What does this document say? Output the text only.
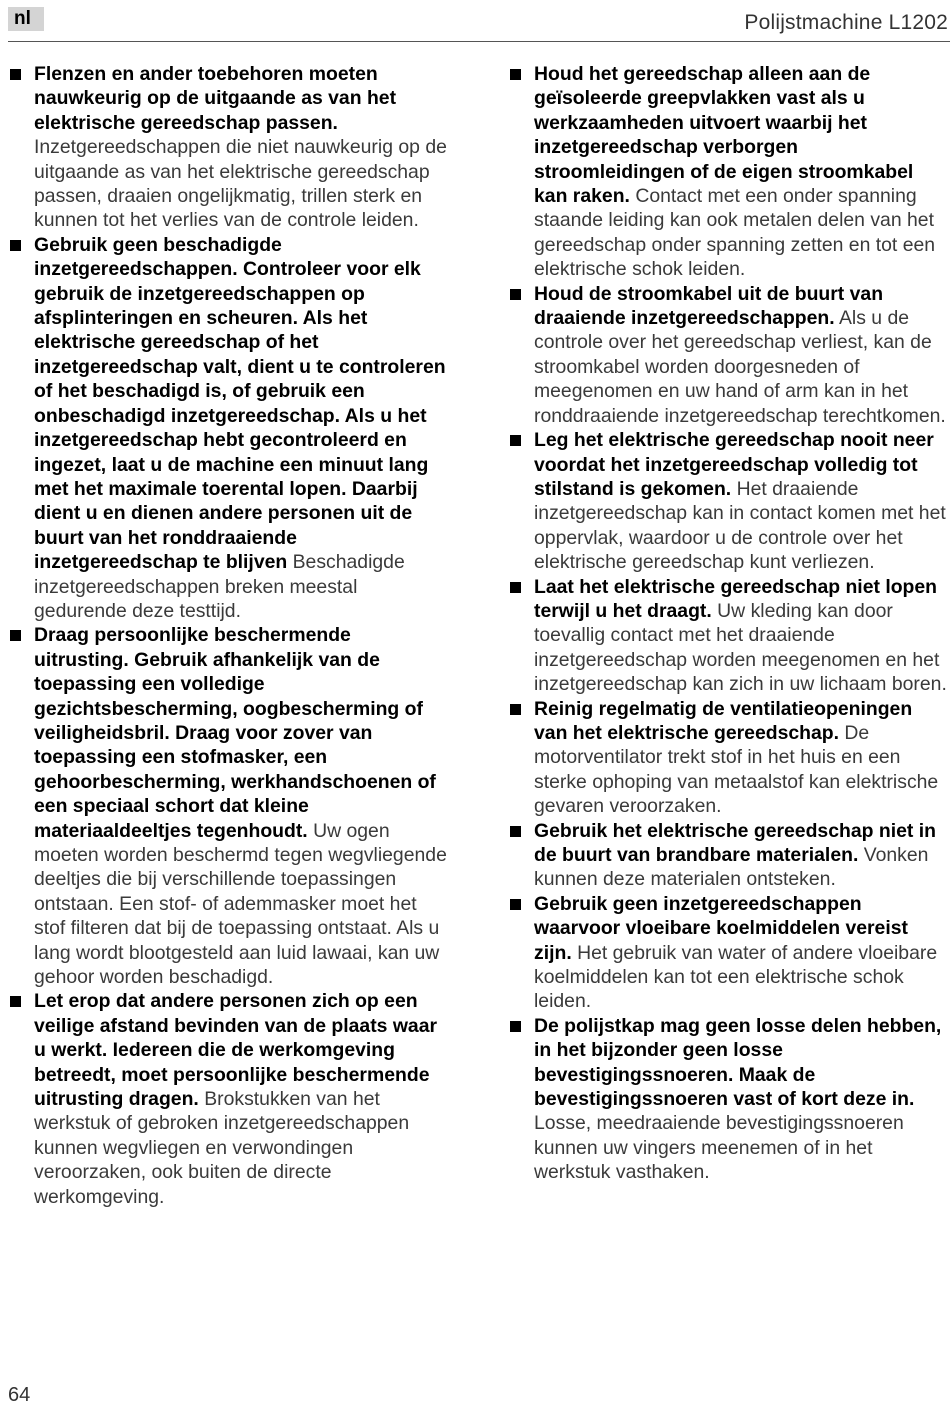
nl	Polijstmachine L1202
Flenzen en ander toebehoren moeten nauwkeurig op de uitgaande as van het elektrische gereedschap passen. Inzetgereedschappen die niet nauwkeurig op de uitgaande as van het elektrische gereedschap passen, draaien ongelijkmatig, trillen sterk en kunnen tot het verlies van de controle leiden.
Gebruik geen beschadigde inzetgereedschappen. Controleer voor elk gebruik de inzetgereedschappen op afsplinteringen en scheuren. Als het elektrische gereedschap of het inzetgereedschap valt, dient u te controleren of het beschadigd is, of gebruik een onbeschadigd inzetgereedschap. Als u het inzetgereedschap hebt gecontroleerd en ingezet, laat u de machine een minuut lang met het maximale toerental lopen. Daarbij dient u en dienen andere personen uit de buurt van het ronddraaiende inzetgereedschap te blijven Beschadigde inzetgereedschappen breken meestal gedurende deze testtijd.
Draag persoonlijke beschermende uitrusting. Gebruik afhankelijk van de toepassing een volledige gezichtsbescherming, oogbescherming of veiligheidsbril. Draag voor zover van toepassing een stofmasker, een gehoorbescherming, werkhandschoenen of een speciaal schort dat kleine materiaaldeeltjes tegenhoudt. Uw ogen moeten worden beschermd tegen wegvliegende deeltjes die bij verschillende toepassingen ontstaan. Een stof- of ademmasker moet het stof filteren dat bij de toepassing ontstaat. Als u lang wordt blootgesteld aan luid lawaai, kan uw gehoor worden beschadigd.
Let erop dat andere personen zich op een veilige afstand bevinden van de plaats waar u werkt. Iedereen die de werkomgeving betreedt, moet persoonlijke beschermende uitrusting dragen. Brokstukken van het werkstuk of gebroken inzetgereedschappen kunnen wegvliegen en verwondingen veroorzaken, ook buiten de directe werkomgeving.
Houd het gereedschap alleen aan de geïsoleerde greepvlakken vast als u werkzaamheden uitvoert waarbij het inzetgereedschap verborgen stroomleidingen of de eigen stroomkabel kan raken. Contact met een onder spanning staande leiding kan ook metalen delen van het gereedschap onder spanning zetten en tot een elektrische schok leiden.
Houd de stroomkabel uit de buurt van draaiende inzetgereedschappen. Als u de controle over het gereedschap verliest, kan de stroomkabel worden doorgesneden of meegenomen en uw hand of arm kan in het ronddraaiende inzetgereedschap terechtkomen.
Leg het elektrische gereedschap nooit neer voordat het inzetgereedschap volledig tot stilstand is gekomen. Het draaiende inzetgereedschap kan in contact komen met het oppervlak, waardoor u de controle over het elektrische gereedschap kunt verliezen.
Laat het elektrische gereedschap niet lopen terwijl u het draagt. Uw kleding kan door toevallig contact met het draaiende inzetgereedschap worden meegenomen en het inzetgereedschap kan zich in uw lichaam boren.
Reinig regelmatig de ventilatieopeningen van het elektrische gereedschap. De motorventilator trekt stof in het huis en een sterke ophoping van metaalstof kan elektrische gevaren veroorzaken.
Gebruik het elektrische gereedschap niet in de buurt van brandbare materialen. Vonken kunnen deze materialen ontsteken.
Gebruik geen inzetgereedschappen waarvoor vloeibare koelmiddelen vereist zijn. Het gebruik van water of andere vloeibare koelmiddelen kan tot een elektrische schok leiden.
De polijstkap mag geen losse delen hebben, in het bijzonder geen losse bevestigingssnoeren. Maak de bevestigingssnoeren vast of kort deze in. Losse, meedraaiende bevestigingssnoeren kunnen uw vingers meenemen of in het werkstuk vasthaken.
64
